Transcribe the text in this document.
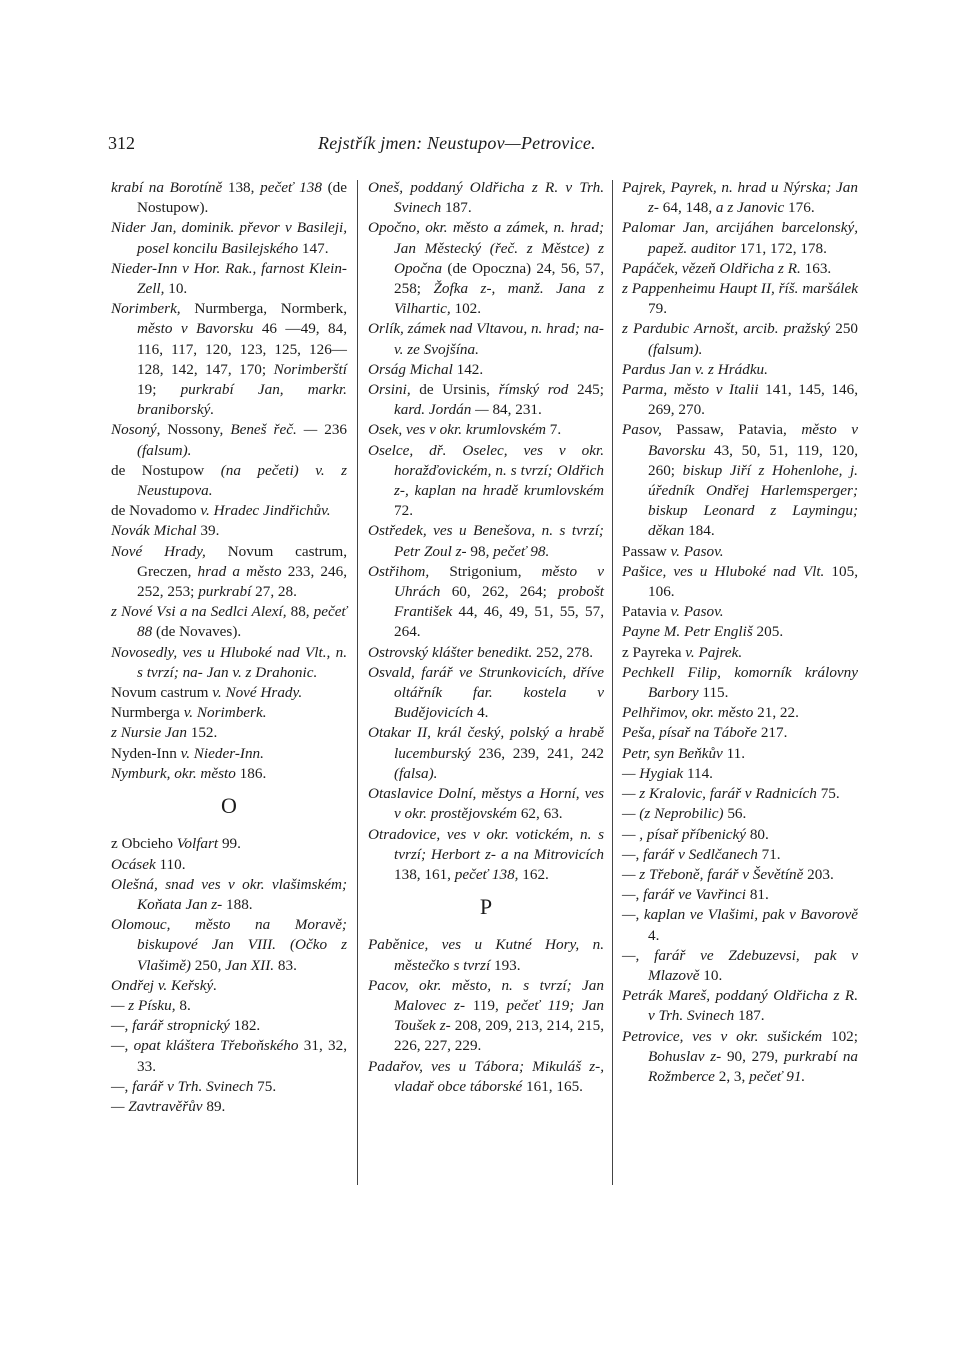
312	Rejstřík jmen: Neustupov—Petrovice.

krabí na Borotíně 138, pečeť 138 (de Nostupow).

Nider Jan, dominik. převor v Basileji, posel koncilu Basilejského 147.

Nieder-Inn v Hor. Rak., farnost Klein-Zell, 10.

Norimberk, Nurmberga, Normberk, město v Bavorsku 46 —49, 84, 116, 117, 120, 123, 125, 126—128, 142, 147, 170; Norimberští 19; purkrabí Jan, markr. braniborský.

Nosoný, Nossony, Beneš řeč. — 236 (falsum).

de Nostupow (na pečeti) v. z Neustupova.

de Novadomo v. Hradec Jindřichův.

Novák Michal 39.

Nové Hrady, Novum castrum, Greczen, hrad a město 233, 246, 252, 253; purkrabí 27, 28.

z Nové Vsi a na Sedlci Alexí, 88, pečeť 88 (de Novaves).

Novosedly, ves u Hluboké nad Vlt., n. s tvrzí; na- Jan v. z Drahonic.

Novum castrum v. Nové Hrady.

Nurmberga v. Norimberk.

z Nursie Jan 152.

Nyden-Inn v. Nieder-Inn.

Nymburk, okr. město 186.

O

z Obcieho Volfart 99.

Ocásek 110.

Olešná, snad ves v okr. vlašimském; Koňata Jan z- 188.

Olomouc, město na Moravě; biskupové Jan VIII. (Očko z Vlašimě) 250, Jan XII. 83.

Ondřej v. Keřský.

— z Písku, 8.

—, farář stropnický 182.

—, opat kláštera Třeboňského 31, 32, 33.

—, farář v Trh. Svinech 75.

— Zavtravěřův 89.

Oneš, poddaný Oldřicha z R. v Trh. Svinech 187.

Opočno, okr. město a zámek, n. hrad; Jan Městecký (řeč. z Městce) z Opočna (de Opoczna) 24, 56, 57, 258; Žofka z-, manž. Jana z Vilhartic, 102.

Orlík, zámek nad Vltavou, n. hrad; na- v. ze Svojšína.

Orság Michal 142.

Orsini, de Ursinis, římský rod 245; kard. Jordán — 84, 231.

Osek, ves v okr. krumlovském 7.

Oselce, dř. Oselec, ves v okr. horažďovickém, n. s tvrzí; Oldřich z-, kaplan na hradě krumlovském 72.

Ostředek, ves u Benešova, n. s tvrzí; Petr Zoul z- 98, pečeť 98.

Ostřihom, Strigonium, město v Uhrách 60, 262, 264; probošt František 44, 46, 49, 51, 55, 57, 264.

Ostrovský klášter benedikt. 252, 278.

Osvald, farář ve Strunkovicích, dříve oltářník far. kostela v Budějovicích 4.

Otakar II, král český, polský a hrabě lucemburský 236, 239, 241, 242 (falsa).

Otaslavice Dolní, městys a Horní, ves v okr. prostějovském 62, 63.

Otradovice, ves v okr. votickém, n. s tvrzí; Herbort z- a na Mitrovicích 138, 161, pečeť 138, 162.

P

Paběnice, ves u Kutné Hory, n. městečko s tvrzí 193.

Pacov, okr. město, n. s tvrzí; Jan Malovec z- 119, pečeť 119; Jan Toušek z- 208, 209, 213, 214, 215, 226, 227, 229.

Padařov, ves u Tábora; Mikuláš z-, vladař obce táborské 161, 165.

Pajrek, Payrek, n. hrad u Nýrska; Jan z- 64, 148, a z Janovic 176.

Palomar Jan, arcijáhen barcelonský, papež. auditor 171, 172, 178.

Papáček, vězeň Oldřicha z R. 163.

z Pappenheimu Haupt II, říš. maršálek 79.

z Pardubic Arnošt, arcib. pražský 250 (falsum).

Pardus Jan v. z Hrádku.

Parma, město v Italii 141, 145, 146, 269, 270.

Pasov, Passaw, Patavia, město v Bavorsku 43, 50, 51, 119, 120, 260; biskup Jiří z Hohenlohe, j. úředník Ondřej Harlemsperger; biskup Leonard z Laymingu; děkan 184.

Passaw v. Pasov.

Pašice, ves u Hluboké nad Vlt. 105, 106.

Patavia v. Pasov.

Payne M. Petr Engliš 205.

z Payreka v. Pajrek.

Pechkell Filip, komorník královny Barbory 115.

Pelhřimov, okr. město 21, 22.

Peša, písař na Táboře 217.

Petr, syn Beňkův 11.

— Hygiak 114.

— z Kralovic, farář v Radnicích 75.

— (z Neprobilic) 56.

— , písař příbenický 80.

—, farář v Sedlčanech 71.

— z Třeboně, farář v Ševětíně 203.

—, farář ve Vavřinci 81.

—, kaplan ve Vlašimi, pak v Bavorově 4.

—, farář ve Zdebuzevsi, pak v Mlazově 10.

Petrák Mareš, poddaný Oldřicha z R. v Trh. Svinech 187.

Petrovice, ves v okr. sušickém 102; Bohuslav z- 90, 279, purkrabí na Rožmberce 2, 3, pečeť 91.
